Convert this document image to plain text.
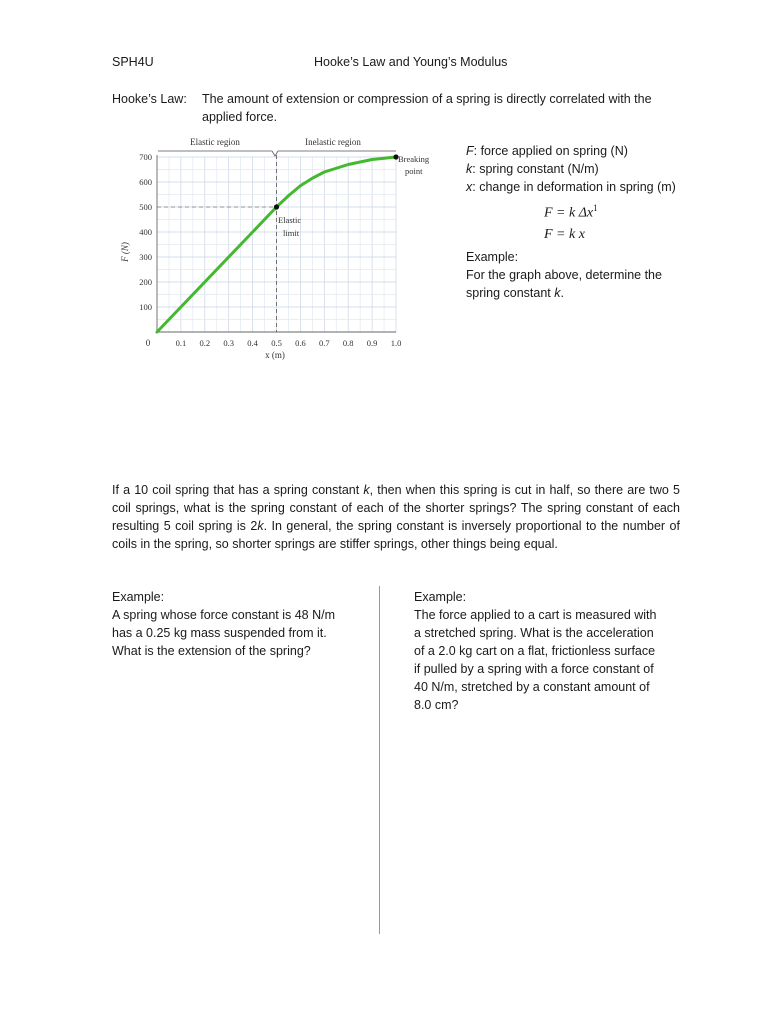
SPH4U	Hooke’s Law and Young’s Modulus
Hooke’s Law: The amount of extension or compression of a spring is directly correlated with the
applied force.
100
200
300
400
500
600
700
0.1 0.2 0.3 0.4 0.5 0.6 0.7 0.8 0.9 1.0
F (N)
x (m)
0
Elastic region	Inelastic region
Breaking
point
Elastic
limit
F: force applied on spring (N)
k: spring constant (N/m)
x: change in deformation in spring (m)
F = k $\Delta x^1$
F = k x
Example:
For the graph above, determine the
spring constant k.
If a 10 coil spring that has a spring constant k, then when this spring is cut in half, so there are two 5 coil springs, what is the spring constant of each of the shorter springs? The spring constant of each resulting 5 coil spring is 2k. In general, the spring constant is inversely proportional to the number of coils in the spring, so shorter springs are stiffer springs, other things being equal.
Example:
A spring whose force constant is 48 N/m
has a 0.25 kg mass suspended from it.
What is the extension of the spring?
Example:
The force applied to a cart is measured with
a stretched spring. What is the acceleration
of a 2.0 kg cart on a flat, frictionless surface
if pulled by a spring with a force constant of
40 N/m, stretched by a constant amount of
8.0 cm?
